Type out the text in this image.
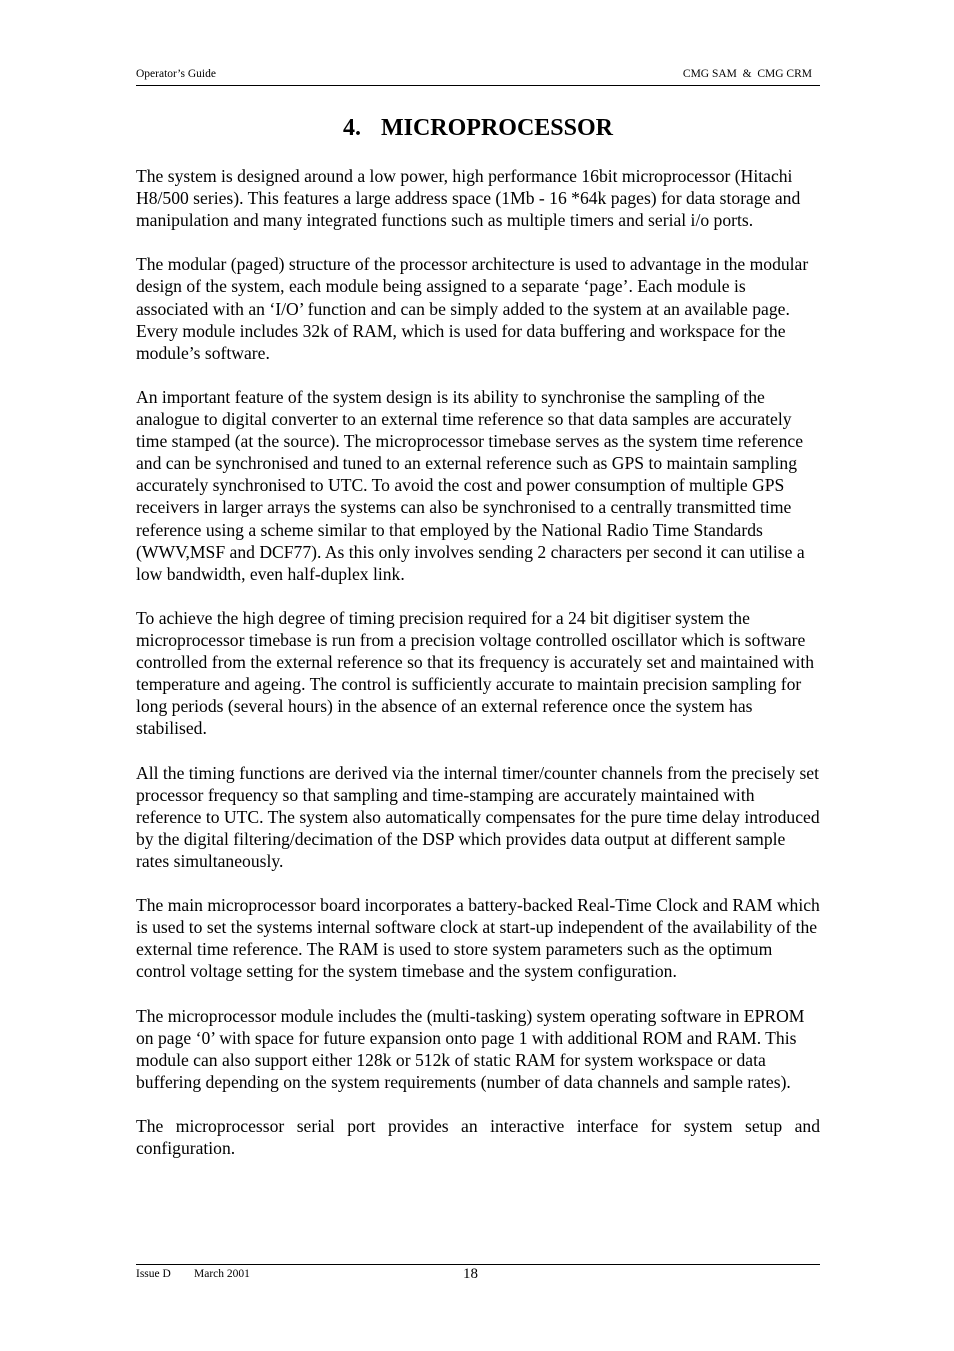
Operator’s Guide	CMG SAM  &  CMG CRM
4. MICROPROCESSOR

The system is designed around a low power, high performance 16bit microprocessor (Hitachi H8/500 series). This features a large address space (1Mb - 16 *64k pages) for data storage and manipulation and many integrated functions such as multiple timers and serial i/o ports.

The modular (paged) structure of the processor architecture is used to advantage in the modular design of the system, each module being assigned to a separate ‘page’. Each module is associated with an ‘I/O’ function and can be simply added to the system at an available page. Every module includes 32k of RAM, which is used for data buffering and workspace for the module’s software.

An important feature of the system design is its ability to synchronise the sampling of the analogue to digital converter to an external time reference so that data samples are accurately time stamped (at the source). The microprocessor timebase serves as the system time reference and can be synchronised and tuned to an external reference such as GPS to maintain sampling accurately synchronised to UTC. To avoid the cost and power consumption of multiple GPS receivers in larger arrays the systems can also be synchronised to a centrally transmitted time reference using a scheme similar to that employed by the National Radio Time Standards (WWV,MSF and DCF77). As this only involves sending 2 characters per second it can utilise a low bandwidth, even half-duplex link.

To achieve the high degree of timing precision required for a 24 bit digitiser system the microprocessor timebase is run from a precision voltage controlled oscillator which is software controlled from the external reference so that its frequency is accurately set and maintained with temperature and ageing. The control is sufficiently accurate to maintain precision sampling for long periods (several hours) in the absence of an external reference once the system has stabilised.

All the timing functions are derived via the internal timer/counter channels from the precisely set processor frequency so that sampling and time-stamping are accurately maintained with reference to UTC. The system also automatically compensates for the pure time delay introduced by the digital filtering/decimation of the DSP which provides data output at different sample rates simultaneously.

The main microprocessor board incorporates a battery-backed Real-Time Clock and RAM which is used to set the systems internal software clock at start-up independent of the availability of the external time reference. The RAM is used to store system parameters such as the optimum control voltage setting for the system timebase and the system configuration.

The microprocessor module includes the (multi-tasking) system operating software in EPROM on page ‘0’ with space for future expansion onto page 1 with additional ROM and RAM. This module can also support either 128k or 512k of static RAM for system workspace or data buffering depending on the system requirements (number of data channels and sample rates).

The microprocessor serial port provides an interactive interface for system setup and configuration.

Issue D March 2001	18
